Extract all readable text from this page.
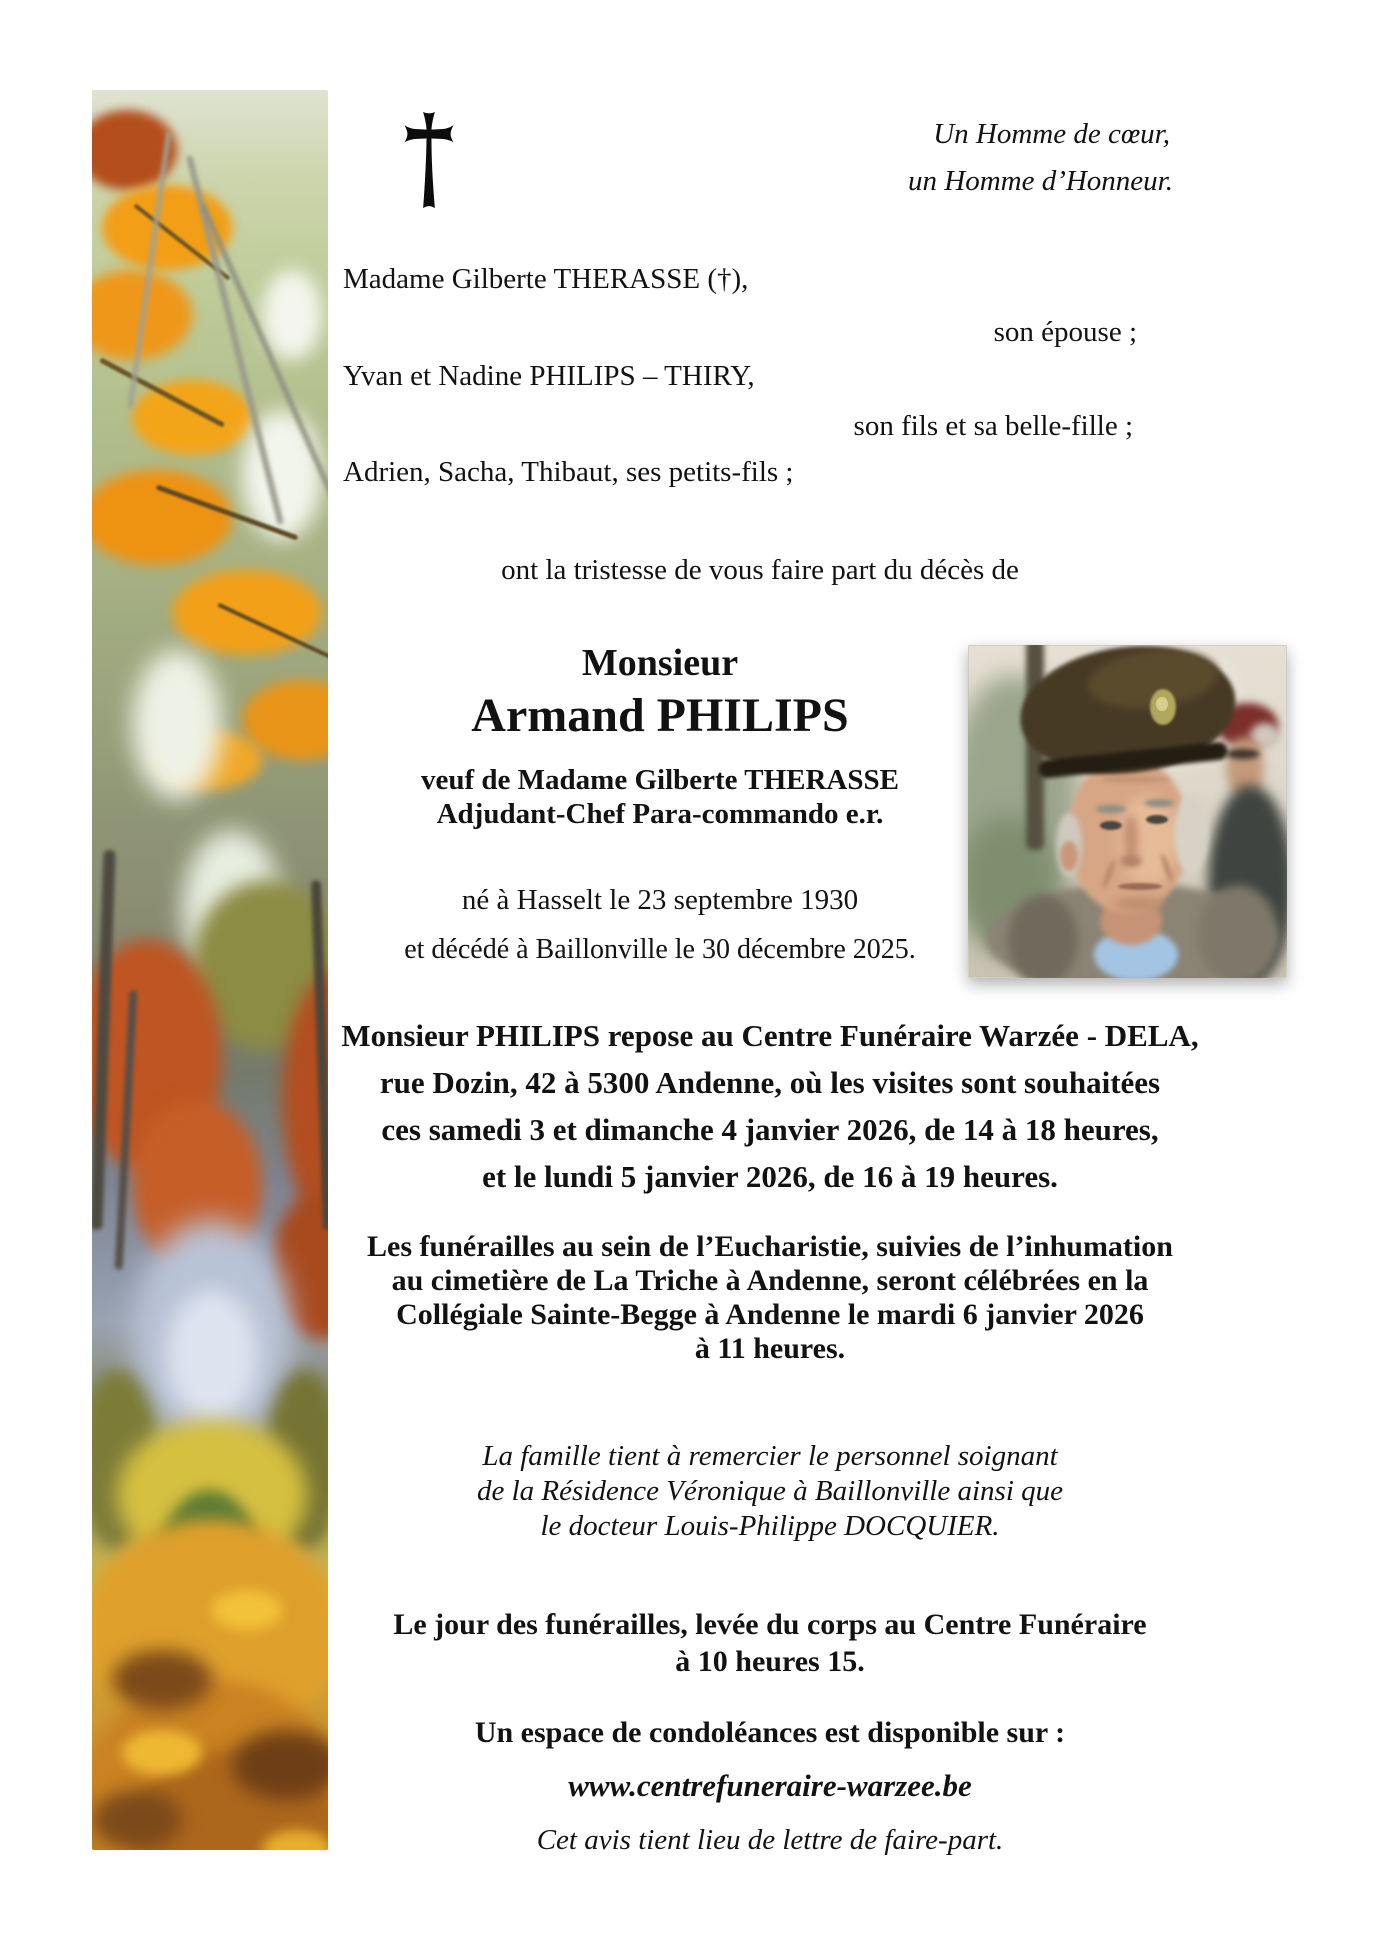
Un Homme de cœur,
un Homme d’Honneur.
Madame Gilberte THERASSE (†),
son épouse ;
Yvan et Nadine PHILIPS – THIRY,
son fils et sa belle-fille ;
Adrien, Sacha, Thibaut, ses petits-fils ;
ont la tristesse de vous faire part du décès de
Monsieur
Armand PHILIPS
veuf de Madame Gilberte THERASSE
Adjudant-Chef Para-commando e.r.
né à Hasselt le 23 septembre 1930
et décédé à Baillonville le 30 décembre 2025.
Monsieur PHILIPS repose au Centre Funéraire Warzée - DELA,
rue Dozin, 42 à 5300 Andenne, où les visites sont souhaitées
ces samedi 3 et dimanche 4 janvier 2026, de 14 à 18 heures,
et le lundi 5 janvier 2026, de 16 à 19 heures.
Les funérailles au sein de l’Eucharistie, suivies de l’inhumation
au cimetière de La Triche à Andenne, seront célébrées en la
Collégiale Sainte-Begge à Andenne le mardi 6 janvier 2026
à 11 heures.
La famille tient à remercier le personnel soignant
de la Résidence Véronique à Baillonville ainsi que
le docteur Louis-Philippe DOCQUIER.
Le jour des funérailles, levée du corps au Centre Funéraire
à 10 heures 15.
Un espace de condoléances est disponible sur :
www.centrefuneraire-warzee.be
Cet avis tient lieu de lettre de faire-part.
